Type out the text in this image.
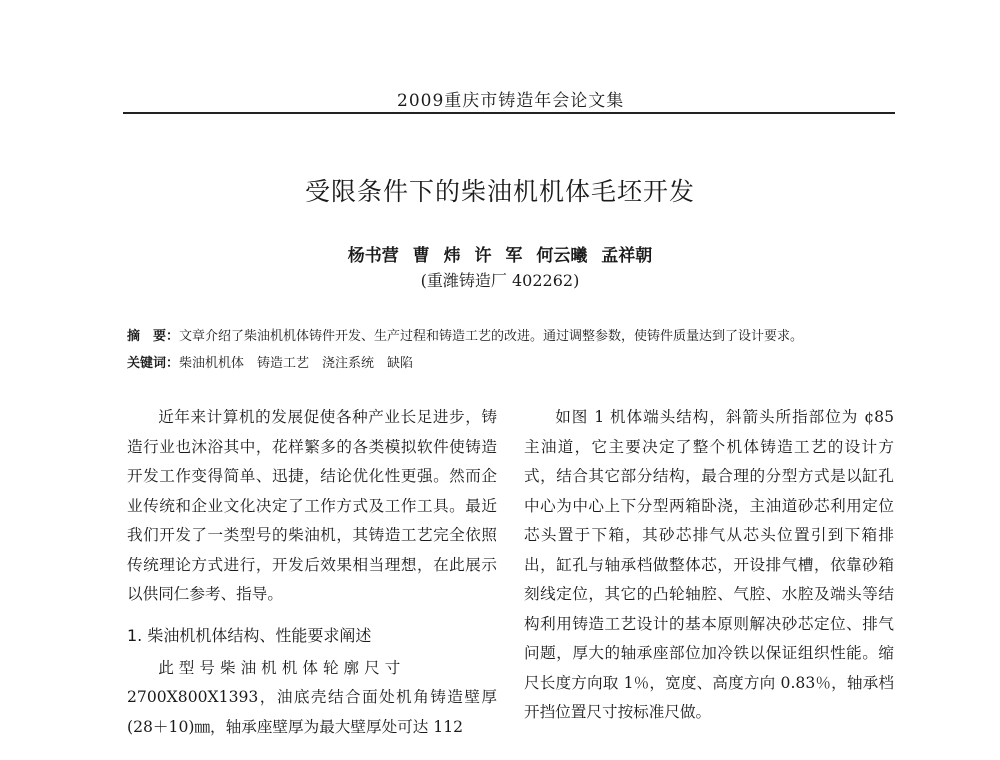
2009重庆市铸造年会论文集
受限条件下的柴油机机体毛坯开发
杨书营 曹 炜 许 军 何云曦 孟祥朝
(重潍铸造厂 402262)
摘　要：文章介绍了柴油机机体铸件开发、生产过程和铸造工艺的改进。通过调整参数，使铸件质量达到了设计要求。
关键词：柴油机机体　铸造工艺　浇注系统　缺陷

近年来计算机的发展促使各种产业长足进步，铸造行业也沐浴其中，花样繁多的各类模拟软件使铸造开发工作变得简单、迅捷，结论优化性更强。然而企业传统和企业文化决定了工作方式及工作工具。最近我们开发了一类型号的柴油机，其铸造工艺完全依照传统理论方式进行，开发后效果相当理想，在此展示以供同仁参考、指导。

1. 柴油机机体结构、性能要求阐述

此型号柴油机机体轮廓尺寸

2700X800X1393，油底壳结合面处机角铸造壁厚(28＋10)㎜，轴承座壁厚为最大壁厚处可达 112

如图 1 机体端头结构，斜箭头所指部位为 ¢85 主油道，它主要决定了整个机体铸造工艺的设计方式，结合其它部分结构，最合理的分型方式是以缸孔中心为中心上下分型两箱卧浇，主油道砂芯利用定位芯头置于下箱，其砂芯排气从芯头位置引到下箱排出，缸孔与轴承档做整体芯，开设排气槽，依靠砂箱刻线定位，其它的凸轮轴腔、气腔、水腔及端头等结构利用铸造工艺设计的基本原则解决砂芯定位、排气问题，厚大的轴承座部位加冷铁以保证组织性能。缩尺长度方向取 1％，宽度、高度方向 0.83％，轴承档开挡位置尺寸按标准尺做。
